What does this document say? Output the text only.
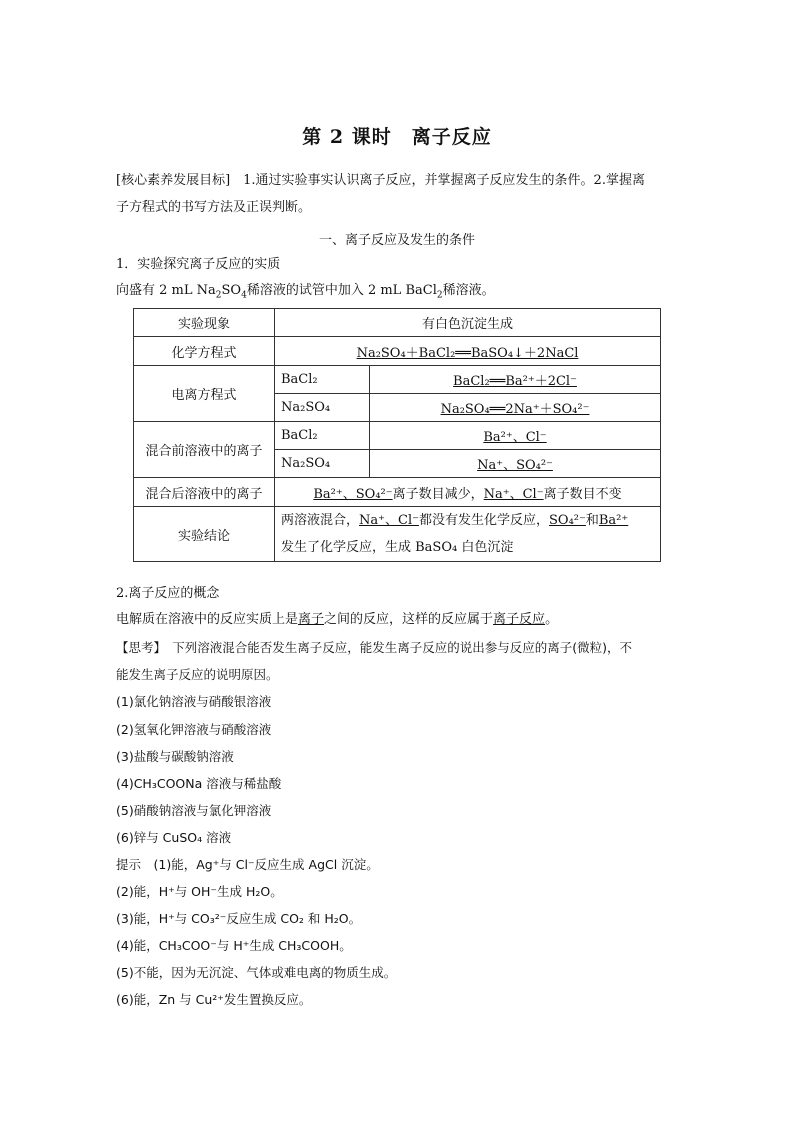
第 2 课时　离子反应
[核心素养发展目标]　1.通过实验事实认识离子反应，并掌握离子反应发生的条件。2.掌握离
子方程式的书写方法及正误判断。
一、离子反应及发生的条件
1．实验探究离子反应的实质
向盛有 2 mL $Na_2SO_4$稀溶液的试管中加入 2 mL BaCl$_2$稀溶液。
实验现象	有白色沉淀生成	
化学方程式	Na₂SO₄＋BaCl₂══BaSO₄↓＋2NaCl	
电离方程式	BaCl₂	BaCl₂══Ba²⁺＋2Cl⁻
	Na₂SO₄	Na₂SO₄══2Na⁺＋SO₄²⁻
混合前溶液中的离子	BaCl₂	Ba²⁺、Cl⁻
	Na₂SO₄	Na⁺、SO₄²⁻
混合后溶液中的离子	Ba²⁺、SO₄²⁻离子数目减少，Na⁺、Cl⁻离子数目不变	
实验结论	两溶液混合，Na⁺、Cl⁻都没有发生化学反应，SO₄²⁻和Ba²⁺
发生了化学反应，生成 BaSO₄ 白色沉淀	
2.离子反应的概念
电解质在溶液中的反应实质上是离子之间的反应，这样的反应属于离子反应。
【思考】　下列溶液混合能否发生离子反应，能发生离子反应的说出参与反应的离子(微粒)，不
能发生离子反应的说明原因。
(1)氯化钠溶液与硝酸银溶液
(2)氢氧化钾溶液与硝酸溶液
(3)盐酸与碳酸钠溶液
(4)CH₃COONa 溶液与稀盐酸
(5)硝酸钠溶液与氯化钾溶液
(6)锌与 CuSO₄ 溶液
提示　(1)能，Ag⁺与 Cl⁻反应生成 AgCl 沉淀。
(2)能，H⁺与 OH⁻生成 H₂O。
(3)能，H⁺与 CO₃²⁻反应生成 CO₂ 和 H₂O。
(4)能，CH₃COO⁻与 H⁺生成 CH₃COOH。
(5)不能，因为无沉淀、气体或难电离的物质生成。
(6)能，Zn 与 Cu²⁺发生置换反应。
